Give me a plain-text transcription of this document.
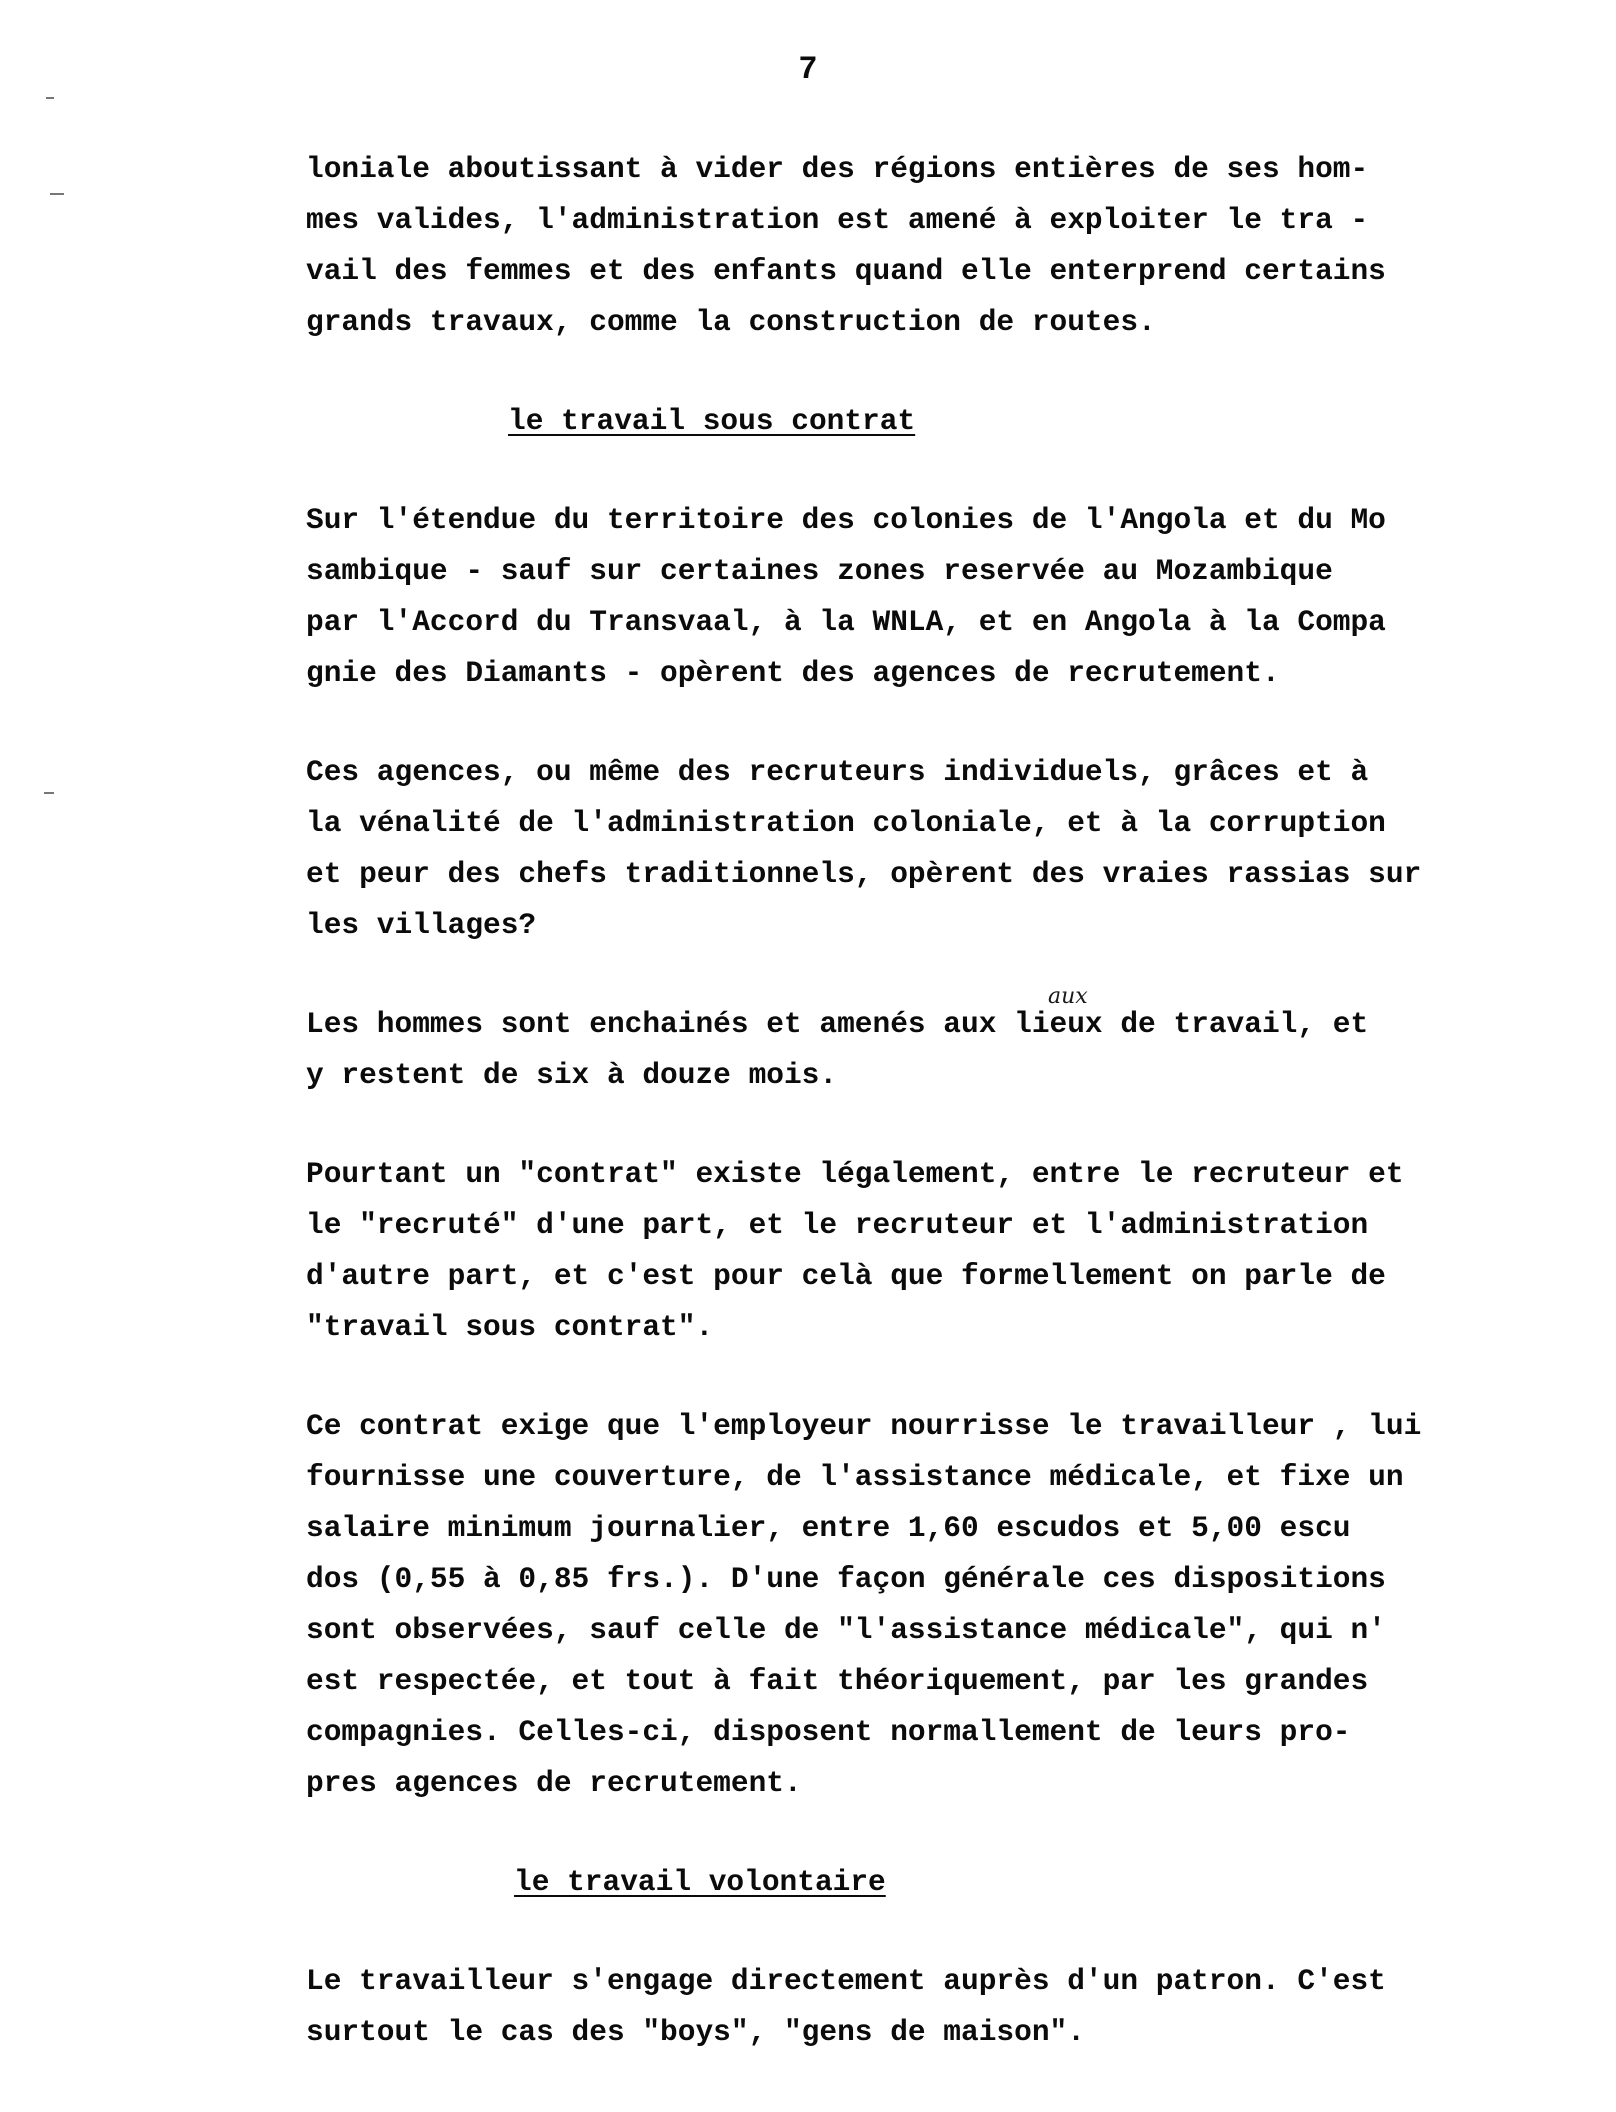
7
aux
loniale aboutissant à vider des régions entières de ses hom-
mes valides, l'administration est amené à exploiter le tra -
vail des femmes et des enfants quand elle enterprend certains
grands travaux, comme la construction de routes.
le travail sous contrat
Sur l'étendue du territoire des colonies de l'Angola et du Mo
sambique - sauf sur certaines zones reservée au Mozambique
par l'Accord du Transvaal, à la WNLA, et en Angola à la Compa
gnie des Diamants - opèrent des agences de recrutement.
Ces agences, ou même des recruteurs individuels, grâces et à
la vénalité de l'administration coloniale, et à la corruption
et peur des chefs traditionnels, opèrent des vraies rassias sur
les villages?
Les hommes sont enchainés et amenés aux lieux de travail, et
y restent de six à douze mois.
Pourtant un "contrat" existe légalement, entre le recruteur et
le "recruté" d'une part, et le recruteur et l'administration
d'autre part, et c'est pour celà que formellement on parle de
"travail sous contrat".
Ce contrat exige que l'employeur nourrisse le travailleur , lui
fournisse une couverture, de l'assistance médicale, et fixe un
salaire minimum journalier, entre 1,60 escudos et 5,00 escu
dos (0,55 à 0,85 frs.). D'une façon générale ces dispositions
sont observées, sauf celle de "l'assistance médicale", qui n'
est respectée, et tout à fait théoriquement, par les grandes
compagnies. Celles-ci, disposent normallement de leurs pro-
pres agences de recrutement.
le travail volontaire
Le travailleur s'engage directement auprès d'un patron. C'est
surtout le cas des "boys", "gens de maison".
